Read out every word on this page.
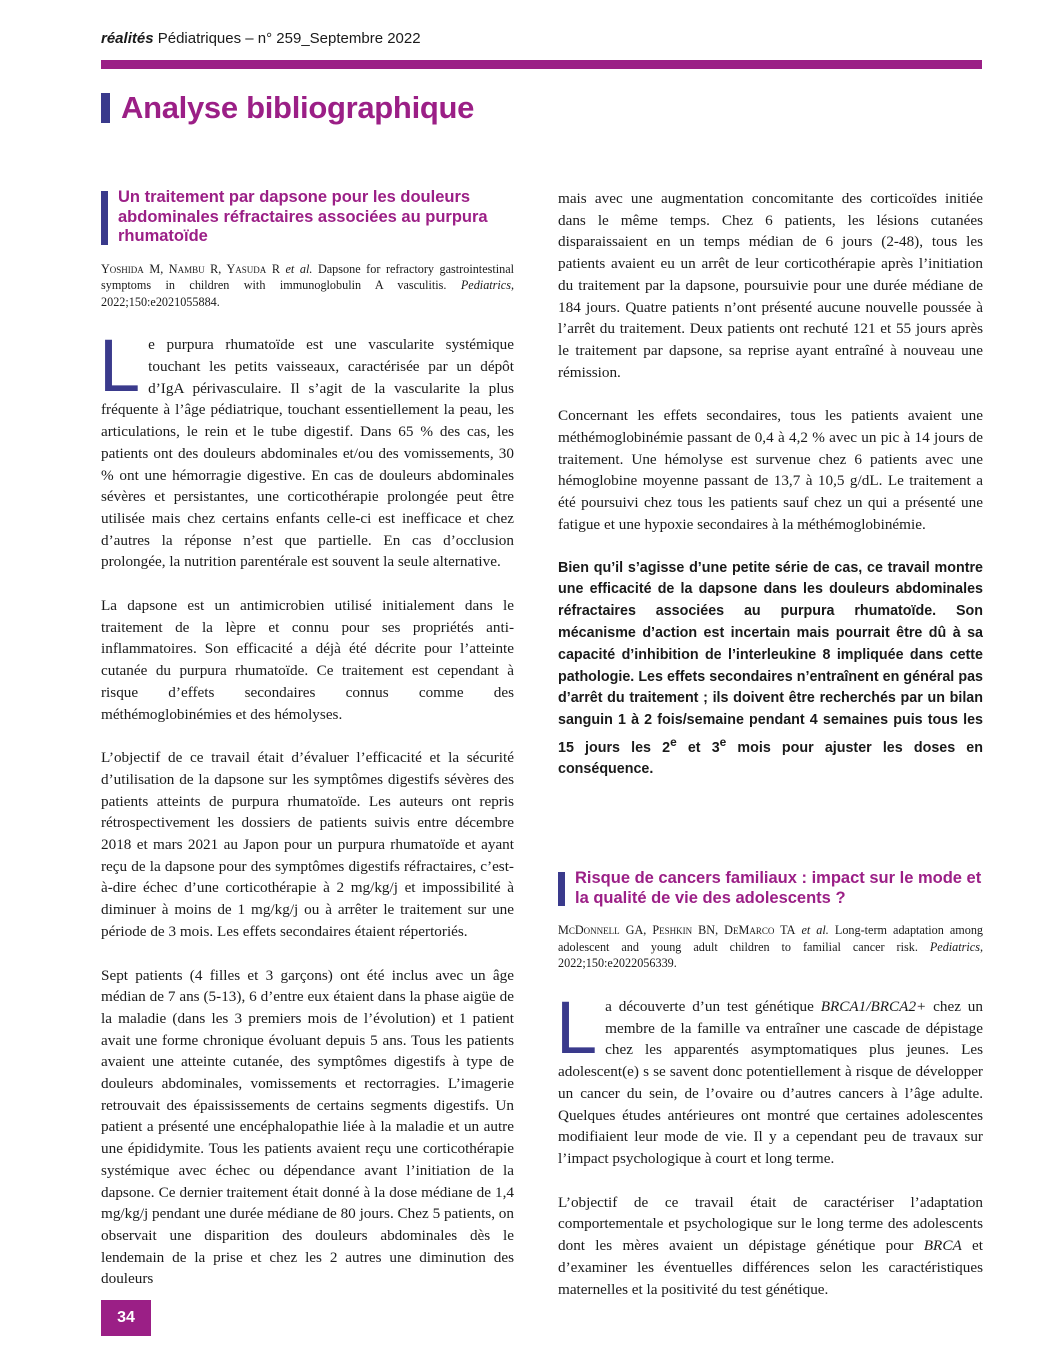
réalités Pédiatriques – n° 259_Septembre 2022
Analyse bibliographique
Un traitement par dapsone pour les douleurs abdominales réfractaires associées au purpura rhumatoïde
Yoshida M, Nambu R, Yasuda R et al. Dapsone for refractory gastrointestinal symptoms in children with immunoglobulin A vasculitis. Pediatrics, 2022;150:e2021055884.

Le purpura rhumatoïde est une vascularite systémique touchant les petits vaisseaux, caractérisée par un dépôt d’IgA périvasculaire. Il s’agit de la vascularite la plus fréquente à l’âge pédiatrique, touchant essentiellement la peau, les articulations, le rein et le tube digestif. Dans 65 % des cas, les patients ont des douleurs abdominales et/ou des vomissements, 30 % ont une hémorragie digestive. En cas de douleurs abdominales sévères et persistantes, une corticothérapie prolongée peut être utilisée mais chez certains enfants celle-ci est inefficace et chez d’autres la réponse n’est que partielle. En cas d’occlusion prolongée, la nutrition parentérale est souvent la seule alternative.

La dapsone est un antimicrobien utilisé initialement dans le traitement de la lèpre et connu pour ses propriétés anti-inflammatoires. Son efficacité a déjà été décrite pour l’atteinte cutanée du purpura rhumatoïde. Ce traitement est cependant à risque d’effets secondaires connus comme des méthémoglobinémies et des hémolyses.

L’objectif de ce travail était d’évaluer l’efficacité et la sécurité d’utilisation de la dapsone sur les symptômes digestifs sévères des patients atteints de purpura rhumatoïde. Les auteurs ont repris rétrospectivement les dossiers de patients suivis entre décembre 2018 et mars 2021 au Japon pour un purpura rhumatoïde et ayant reçu de la dapsone pour des symptômes digestifs réfractaires, c’est-à-dire échec d’une corticothérapie à 2 mg/kg/j et impossibilité à diminuer à moins de 1 mg/kg/j ou à arrêter le traitement sur une période de 3 mois. Les effets secondaires étaient répertoriés.

Sept patients (4 filles et 3 garçons) ont été inclus avec un âge médian de 7 ans (5-13), 6 d’entre eux étaient dans la phase aigüe de la maladie (dans les 3 premiers mois de l’évolution) et 1 patient avait une forme chronique évoluant depuis 5 ans. Tous les patients avaient une atteinte cutanée, des symptômes digestifs à type de douleurs abdominales, vomissements et rectorragies. L’imagerie retrouvait des épaississements de certains segments digestifs. Un patient a présenté une encéphalopathie liée à la maladie et un autre une épididymite. Tous les patients avaient reçu une corticothérapie systémique avec échec ou dépendance avant l’initiation de la dapsone. Ce dernier traitement était donné à la dose médiane de 1,4 mg/kg/j pendant une durée médiane de 80 jours. Chez 5 patients, on observait une disparition des douleurs abdominales dès le lendemain de la prise et chez les 2 autres une diminution des douleurs

mais avec une augmentation concomitante des corticoïdes initiée dans le même temps. Chez 6 patients, les lésions cutanées disparaissaient en un temps médian de 6 jours (2-48), tous les patients avaient eu un arrêt de leur corticothérapie après l’initiation du traitement par la dapsone, poursuivie pour une durée médiane de 184 jours. Quatre patients n’ont présenté aucune nouvelle poussée à l’arrêt du traitement. Deux patients ont rechuté 121 et 55 jours après le traitement par dapsone, sa reprise ayant entraîné à nouveau une rémission.

Concernant les effets secondaires, tous les patients avaient une méthémoglobinémie passant de 0,4 à 4,2 % avec un pic à 14 jours de traitement. Une hémolyse est survenue chez 6 patients avec une hémoglobine moyenne passant de 13,7 à 10,5 g/dL. Le traitement a été poursuivi chez tous les patients sauf chez un qui a présenté une fatigue et une hypoxie secondaires à la méthémoglobinémie.

Bien qu’il s’agisse d’une petite série de cas, ce travail montre une efficacité de la dapsone dans les douleurs abdominales réfractaires associées au purpura rhumatoïde. Son mécanisme d’action est incertain mais pourrait être dû à sa capacité d’inhibition de l’interleukine 8 impliquée dans cette pathologie. Les effets secondaires n’entraînent en général pas d’arrêt du traitement ; ils doivent être recherchés par un bilan sanguin 1 à 2 fois/semaine pendant 4 semaines puis tous les 15 jours les 2e et 3e mois pour ajuster les doses en conséquence.

Risque de cancers familiaux : impact sur le mode et la qualité de vie des adolescents ?
McDonnell GA, Peshkin BN, DeMarco TA et al. Long-term adaptation among adolescent and young adult children to familial cancer risk. Pediatrics, 2022;150:e2022056339.

La découverte d’un test génétique BRCA1/BRCA2+ chez un membre de la famille va entraîner une cascade de dépistage chez les apparentés asymptomatiques plus jeunes. Les adolescent(e) s se savent donc potentiellement à risque de développer un cancer du sein, de l’ovaire ou d’autres cancers à l’âge adulte. Quelques études antérieures ont montré que certaines adolescentes modifiaient leur mode de vie. Il y a cependant peu de travaux sur l’impact psychologique à court et long terme.

L’objectif de ce travail était de caractériser l’adaptation comportementale et psychologique sur le long terme des adolescents dont les mères avaient un dépistage génétique pour BRCA et d’examiner les éventuelles différences selon les caractéristiques maternelles et la positivité du test génétique.

34
